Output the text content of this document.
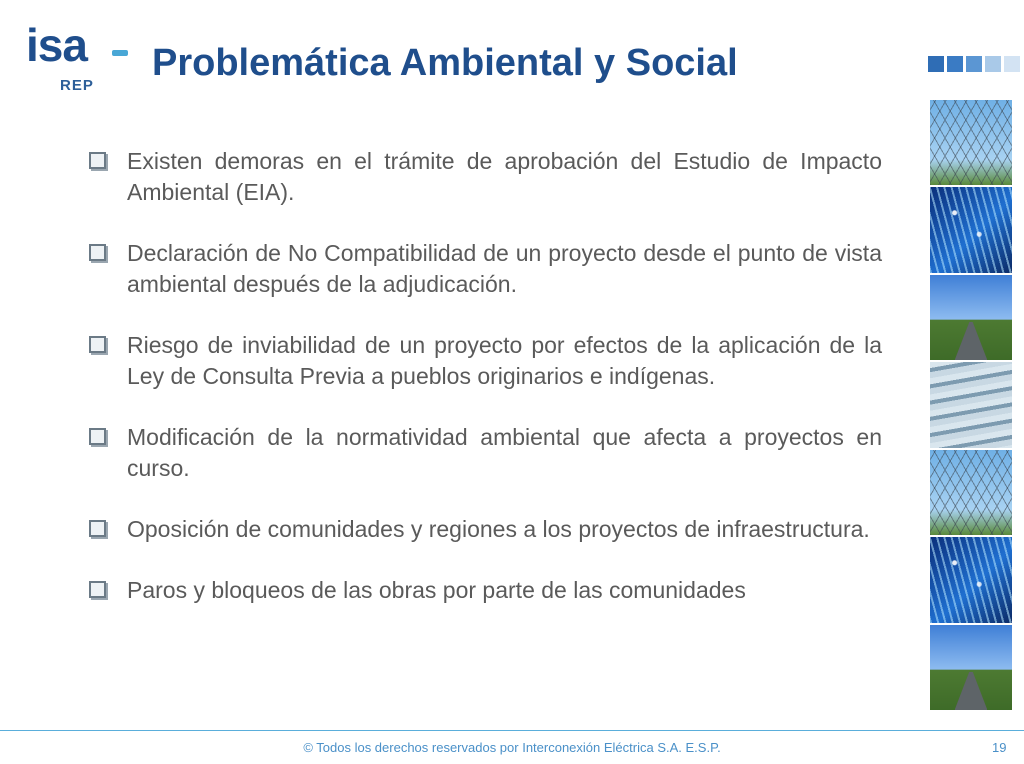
isa
REP
Problemática Ambiental y Social
Existen demoras en el trámite de aprobación del Estudio de Impacto Ambiental (EIA).
Declaración de No Compatibilidad de un proyecto desde el punto de vista ambiental después de la adjudicación.
Riesgo de inviabilidad de un proyecto por efectos de la aplicación de la Ley de Consulta Previa a pueblos originarios e indígenas.
Modificación de la normatividad ambiental que afecta a proyectos en curso.
Oposición de comunidades y regiones a los proyectos de infraestructura.
Paros y bloqueos de las obras por parte de las comunidades
© Todos los derechos reservados por Interconexión Eléctrica S.A. E.S.P.	19
